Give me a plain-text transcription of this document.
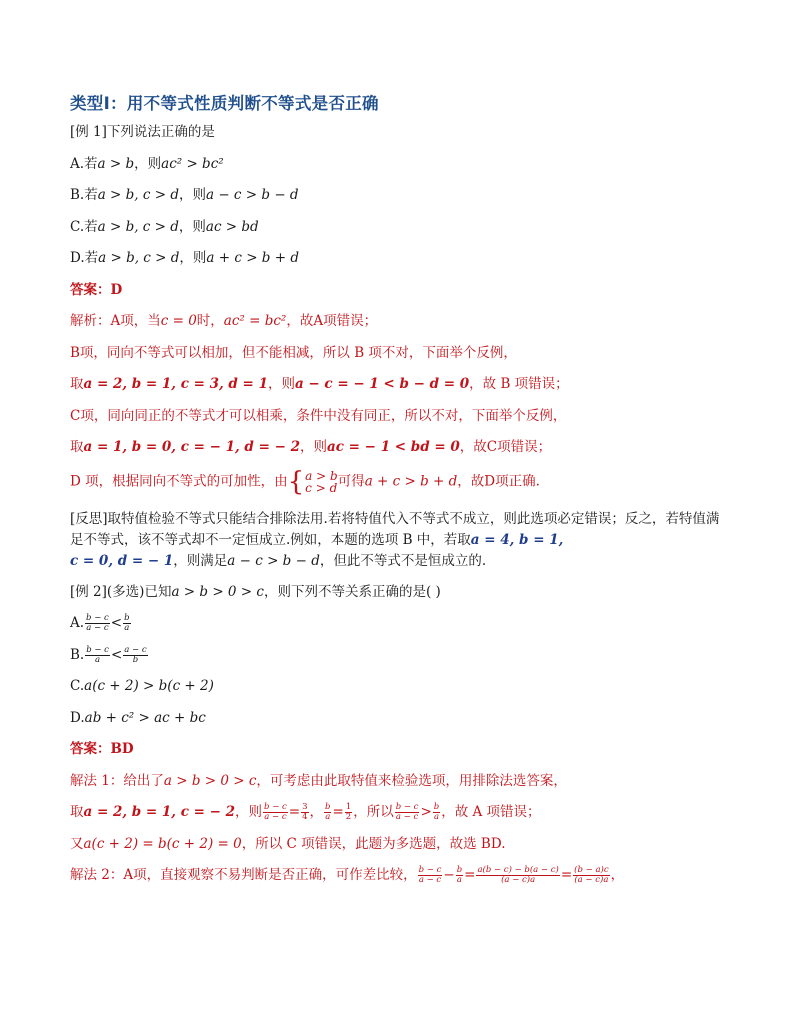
类型Ⅰ：用不等式性质判断不等式是否正确
[例 1]下列说法正确的是
A.若a > b，则ac² > bc²
B.若a > b, c > d，则a − c > b − d
C.若a > b, c > d，则ac > bd
D.若a > b, c > d，则a + c > b + d
答案：D
解析：A项，当c = 0时，ac² = bc²，故A项错误；
B项，同向不等式可以相加，但不能相减，所以 B 项不对，下面举个反例，
取a = 2, b = 1, c = 3, d = 1，则a − c = − 1 < b − d = 0，故 B 项错误；
C项，同向同正的不等式才可以相乘，条件中没有同正，所以不对，下面举个反例，
取a = 1, b = 0, c = − 1, d = − 2，则ac = − 1 < bd = 0，故C项错误；
D 项，根据同向不等式的可加性，由{ a > b
c > d 可得a + c > b + d，故D项正确.
[反思]取特值检验不等式只能结合排除法用.若将特值代入不等式不成立，则此选项必定错误；反之，若特值满足不等式，该不等式却不一定恒成立.例如，本题的选项 B 中，若取a = 4, b = 1,
c = 0, d = − 1，则满足a − c > b − d，但此不等式不是恒成立的.
[例 2](多选)已知a > b > 0 > c，则下列不等关系正确的是( )
A. $\frac{b - c}{a - c} < \frac{b}{a}$
B. $\frac{b - c}{a} < \frac{a - c}{b}$
C.a(c + 2) > b(c + 2)
D.ab + c² > ac + bc
答案：BD
解法 1：给出了a > b > 0 > c，可考虑由此取特值来检验选项，用排除法选答案，
取a = 2, b = 1, c = − 2，则 $\frac{b - c}{a - c} = \frac{3}{4}$ ， $\frac{b}{a} = \frac{1}{2}$ ，所以 $\frac{b - c}{a - c} > \frac{b}{a}$ ，故 A 项错误；
又a(c + 2) = b(c + 2) = 0，所以 C 项错误，此题为多选题，故选 BD.
解法 2：A项，直接观察不易判断是否正确，可作差比较， $\frac{b - c}{a - c} - \frac{b}{a} = \frac{a(b - c) - b(a - c)}{(a - c)a} = \frac{(b - a)c}{(a - c)a}$ ，
